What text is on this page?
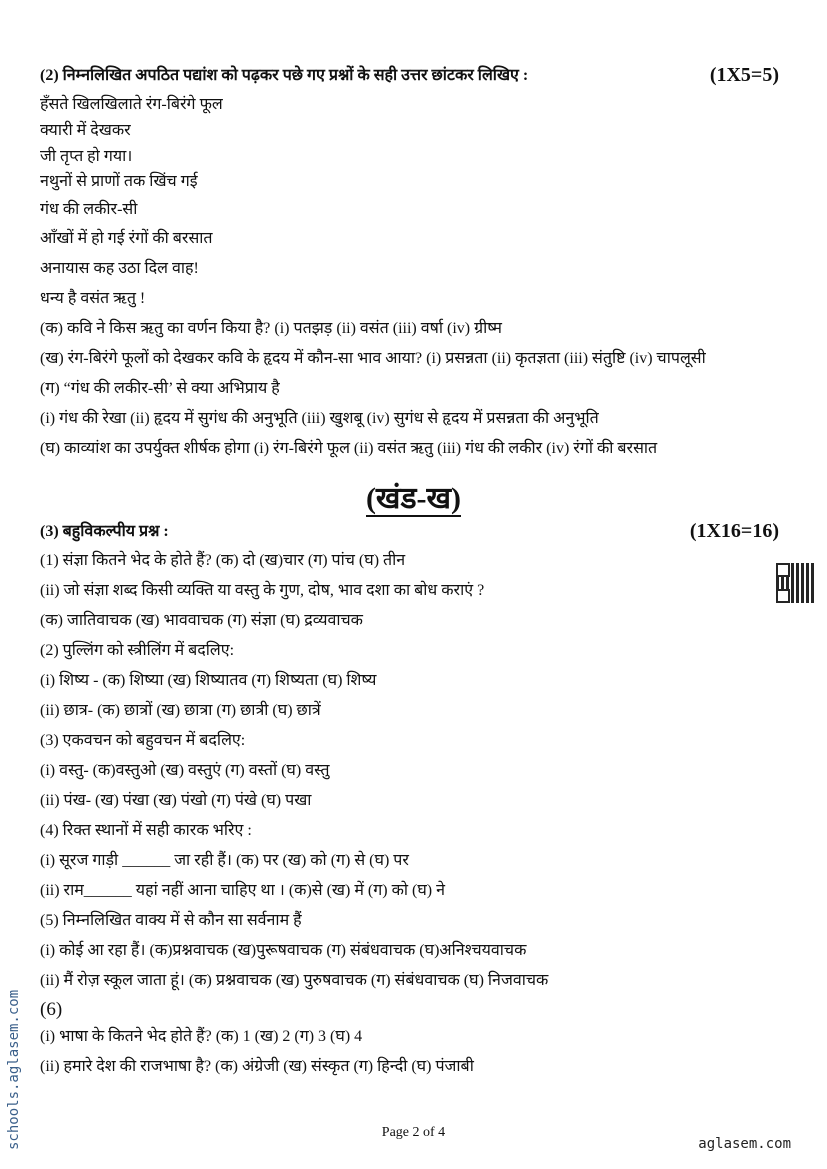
(2) निम्नलिखित अपठित पद्यांश को पढ़कर पछे गए प्रश्नों के सही उत्तर छांटकर लिखिए :	(1X5=5)
हँसते खिलखिलाते रंग-बिरंगे फूल
क्यारी में देखकर
जी तृप्त हो गया।
नथुनों से प्राणों तक खिंच गई
गंध की लकीर-सी
आँखों में हो गई रंगों की बरसात
अनायास कह उठा दिल वाह!
धन्य है वसंत ऋतु !
(क) कवि ने किस ऋतु का वर्णन किया है? (i) पतझड़ (ii) वसंत (iii) वर्षा (iv) ग्रीष्म
(ख) रंग-बिरंगे फूलों को देखकर कवि के हृदय में कौन-सा भाव आया? (i) प्रसन्नता (ii) कृतज्ञता (iii) संतुष्टि (iv) चापलूसी
(ग) “गंध की लकीर-सी’ से क्या अभिप्राय है
(i) गंध की रेखा (ii) हृदय में सुगंध की अनुभूति (iii) खुशबू (iv) सुगंध से हृदय में प्रसन्नता की अनुभूति
(घ) काव्यांश का उपर्युक्त शीर्षक होगा (i) रंग-बिरंगे फूल (ii) वसंत ऋतु (iii) गंध की लकीर (iv) रंगों की बरसात
(खंड-ख)
(3) बहुविकल्पीय प्रश्न :	(1X16=16)
(1) संज्ञा कितने भेद के होते हैं? (क) दो (ख)चार (ग) पांच (घ) तीन
(ii) जो संज्ञा शब्द किसी व्यक्ति या वस्तु के गुण, दोष, भाव दशा का बोध कराएं ?
(क) जातिवाचक (ख) भाववाचक (ग) संज्ञा (घ) द्रव्यवाचक
(2) पुल्लिंग को स्त्रीलिंग में बदलिए:
(i) शिष्य - (क) शिष्या (ख) शिष्यातव (ग) शिष्यता (घ) शिष्य
(ii) छात्र- (क) छात्रों (ख) छात्रा (ग) छात्री (घ) छात्रें
(3) एकवचन को बहुवचन में बदलिए:
(i) वस्तु- (क)वस्तुओ (ख) वस्तुएं (ग) वस्तों (घ) वस्तु
(ii) पंख- (ख) पंखा (ख) पंखो (ग) पंखे (घ) पखा
(4) रिक्त स्थानों में सही कारक भरिए :
(i) सूरज गाड़ी ______ जा रही हैं। (क) पर (ख) को (ग) से (घ) पर
(ii) राम______ यहां नहीं आना चाहिए था । (क)से (ख) में (ग) को (घ) ने
(5) निम्नलिखित वाक्य में से कौन सा सर्वनाम हैं
(i) कोई आ रहा हैं। (क)प्रश्नवाचक (ख)पुरूषवाचक (ग) संबंधवाचक (घ)अनिश्चयवाचक
(ii) मैं रोज़ स्कूल जाता हूं। (क) प्रश्नवाचक (ख) पुरुषवाचक (ग) संबंधवाचक (घ) निजवाचक
(6)
(i) भाषा के कितने भेद होते हैं? (क) 1 (ख) 2 (ग) 3 (घ) 4
(ii) हमारे देश की राजभाषा है? (क) अंग्रेजी (ख) संस्कृत (ग) हिन्दी (घ) पंजाबी
schools.aglasem.com	Page 2 of 4
aglasem.com
